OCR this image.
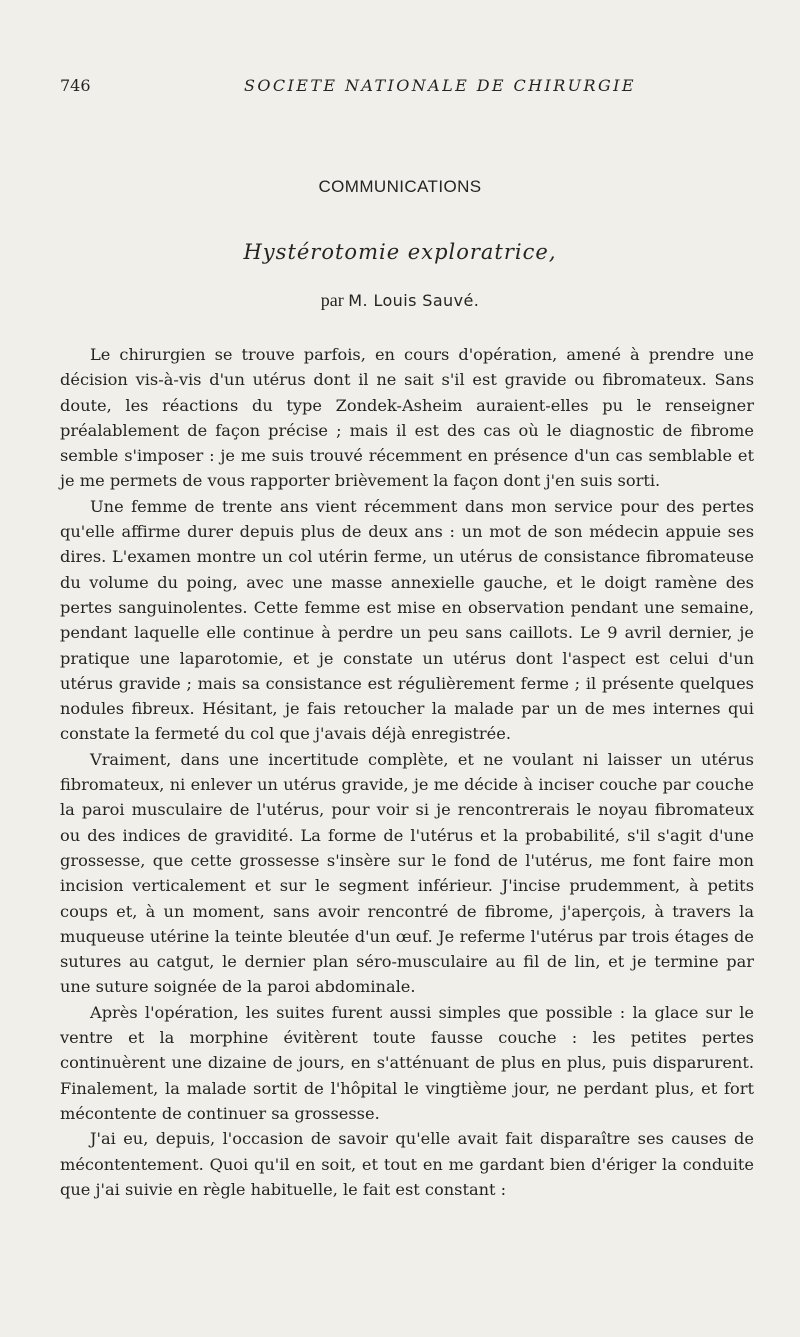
746	SOCIETE NATIONALE DE CHIRURGIE
COMMUNICATIONS
Hystérotomie exploratrice,
par M. Louis Sauvé.

Le chirurgien se trouve parfois, en cours d'opération, amené à prendre une décision vis-à-vis d'un utérus dont il ne sait s'il est gravide ou fibromateux. Sans doute, les réactions du type Zondek-Asheim auraient-elles pu le renseigner préalablement de façon précise ; mais il est des cas où le diagnostic de fibrome semble s'imposer : je me suis trouvé récemment en présence d'un cas semblable et je me permets de vous rapporter brièvement la façon dont j'en suis sorti.

Une femme de trente ans vient récemment dans mon service pour des pertes qu'elle affirme durer depuis plus de deux ans : un mot de son médecin appuie ses dires. L'examen montre un col utérin ferme, un utérus de consistance fibromateuse du volume du poing, avec une masse annexielle gauche, et le doigt ramène des pertes sanguinolentes. Cette femme est mise en observation pendant une semaine, pendant laquelle elle continue à perdre un peu sans caillots. Le 9 avril dernier, je pratique une laparotomie, et je constate un utérus dont l'aspect est celui d'un utérus gravide ; mais sa consistance est régulièrement ferme ; il présente quelques nodules fibreux. Hésitant, je fais retoucher la malade par un de mes internes qui constate la fermeté du col que j'avais déjà enregistrée.

Vraiment, dans une incertitude complète, et ne voulant ni laisser un utérus fibromateux, ni enlever un utérus gravide, je me décide à inciser couche par couche la paroi musculaire de l'utérus, pour voir si je rencontrerais le noyau fibromateux ou des indices de gravidité. La forme de l'utérus et la probabilité, s'il s'agit d'une grossesse, que cette grossesse s'insère sur le fond de l'utérus, me font faire mon incision verticalement et sur le segment inférieur. J'incise prudemment, à petits coups et, à un moment, sans avoir rencontré de fibrome, j'aperçois, à travers la muqueuse utérine la teinte bleutée d'un œuf. Je referme l'utérus par trois étages de sutures au catgut, le dernier plan séro-musculaire au fil de lin, et je termine par une suture soignée de la paroi abdominale.

Après l'opération, les suites furent aussi simples que possible : la glace sur le ventre et la morphine évitèrent toute fausse couche : les petites pertes continuèrent une dizaine de jours, en s'atténuant de plus en plus, puis disparurent. Finalement, la malade sortit de l'hôpital le vingtième jour, ne perdant plus, et fort mécontente de continuer sa grossesse.

J'ai eu, depuis, l'occasion de savoir qu'elle avait fait disparaître ses causes de mécontentement. Quoi qu'il en soit, et tout en me gardant bien d'ériger la conduite que j'ai suivie en règle habituelle, le fait est constant :
